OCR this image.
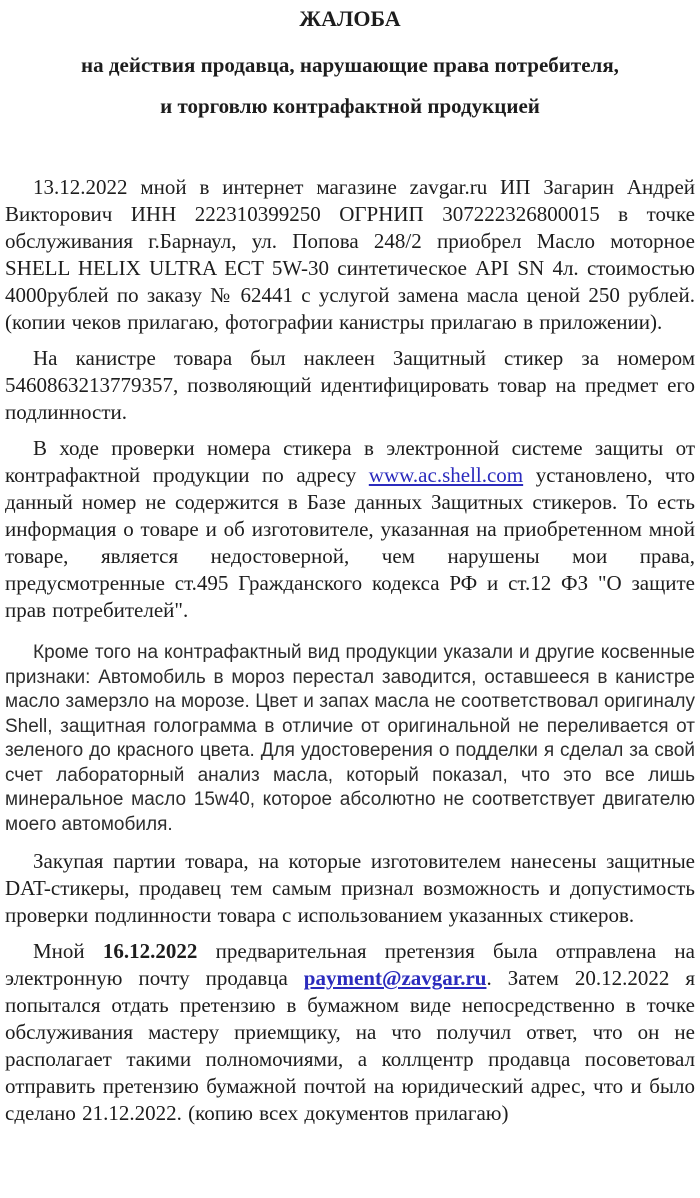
ЖАЛОБА
на действия продавца, нарушающие права потребителя,
и торговлю контрафактной продукцией

13.12.2022 мной в интернет магазине zavgar.ru ИП Загарин Андрей Викторович ИНН 222310399250 ОГРНИП 307222326800015 в точке обслуживания г.Барнаул, ул. Попова 248/2 приобрел Масло моторное SHELL HELIX ULTRA ECT 5W-30 синтетическое API SN 4л. стоимостью 4000рублей по заказу № 62441 с услугой замена масла ценой 250 рублей. (копии чеков прилагаю, фотографии канистры прилагаю в приложении).

На канистре товара был наклеен Защитный стикер за номером 5460863213779357, позволяющий идентифицировать товар на предмет его подлинности.

В ходе проверки номера стикера в электронной системе защиты от контрафактной продукции по адресу www.ac.shell.com установлено, что данный номер не содержится в Базе данных Защитных стикеров. То есть информация о товаре и об изготовителе, указанная на приобретенном мной товаре, является недостоверной, чем нарушены мои права, предусмотренные ст.495 Гражданского кодекса РФ и ст.12 ФЗ "О защите прав потребителей".

Кроме того на контрафактный вид продукции указали и другие косвенные признаки: Автомобиль в мороз перестал заводится, оставшееся в канистре масло замерзло на морозе. Цвет и запах масла не соответствовал оригиналу Shell, защитная голограмма в отличие от оригинальной не переливается от зеленого до красного цвета. Для удостоверения о подделки я сделал за свой счет лабораторный анализ масла, который показал, что это все лишь минеральное масло 15w40, которое абсолютно не соответствует двигателю моего автомобиля.

Закупая партии товара, на которые изготовителем нанесены защитные DAT-стикеры, продавец тем самым признал возможность и допустимость проверки подлинности товара с использованием указанных стикеров.

Мной 16.12.2022 предварительная претензия была отправлена на электронную почту продавца payment@zavgar.ru. Затем 20.12.2022 я попытался отдать претензию в бумажном виде непосредственно в точке обслуживания мастеру приемщику, на что получил ответ, что он не располагает такими полномочиями, а коллцентр продавца посоветовал отправить претензию бумажной почтой на юридический адрес, что и было сделано 21.12.2022. (копию всех документов прилагаю)
